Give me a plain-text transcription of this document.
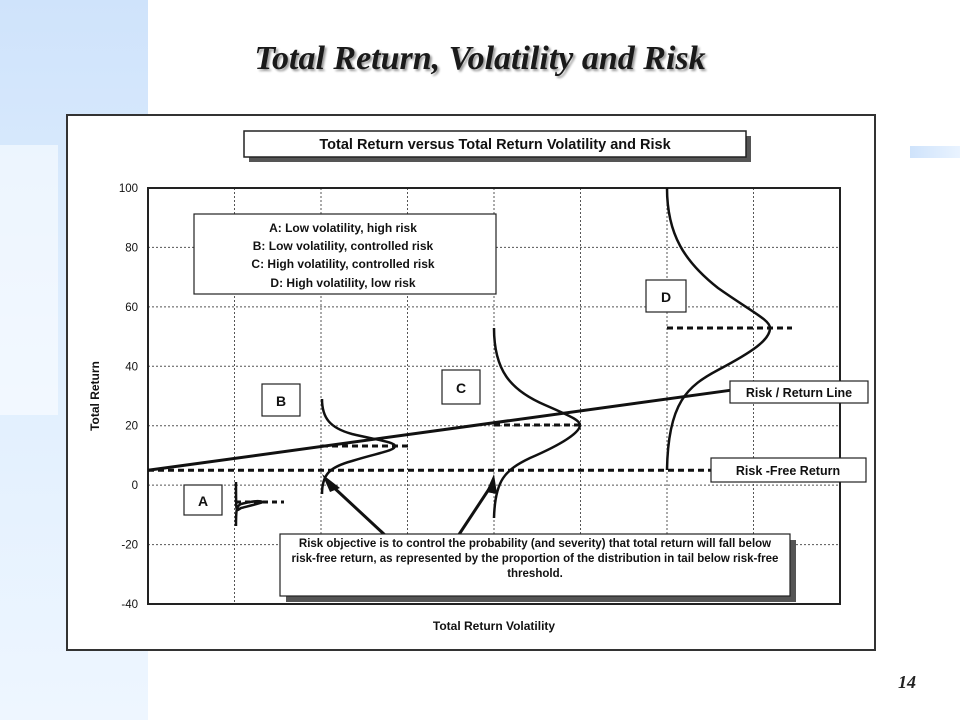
Total Return, Volatility and Risk
-40
-20
0
20
40
60
80
100
Total Return versus Total Return Volatility and Risk
Total Return
Total Return Volatility
A: Low volatility, high risk
B: Low volatility, controlled risk
C: High volatility, controlled risk
D: High volatility, low risk
A
B
C
D
Risk / Return Line
Risk -Free Return
Risk objective is to control the probability (and severity) that total return will fall below risk-free return, as represented by the proportion of the distribution in tail below risk-free threshold.
14
